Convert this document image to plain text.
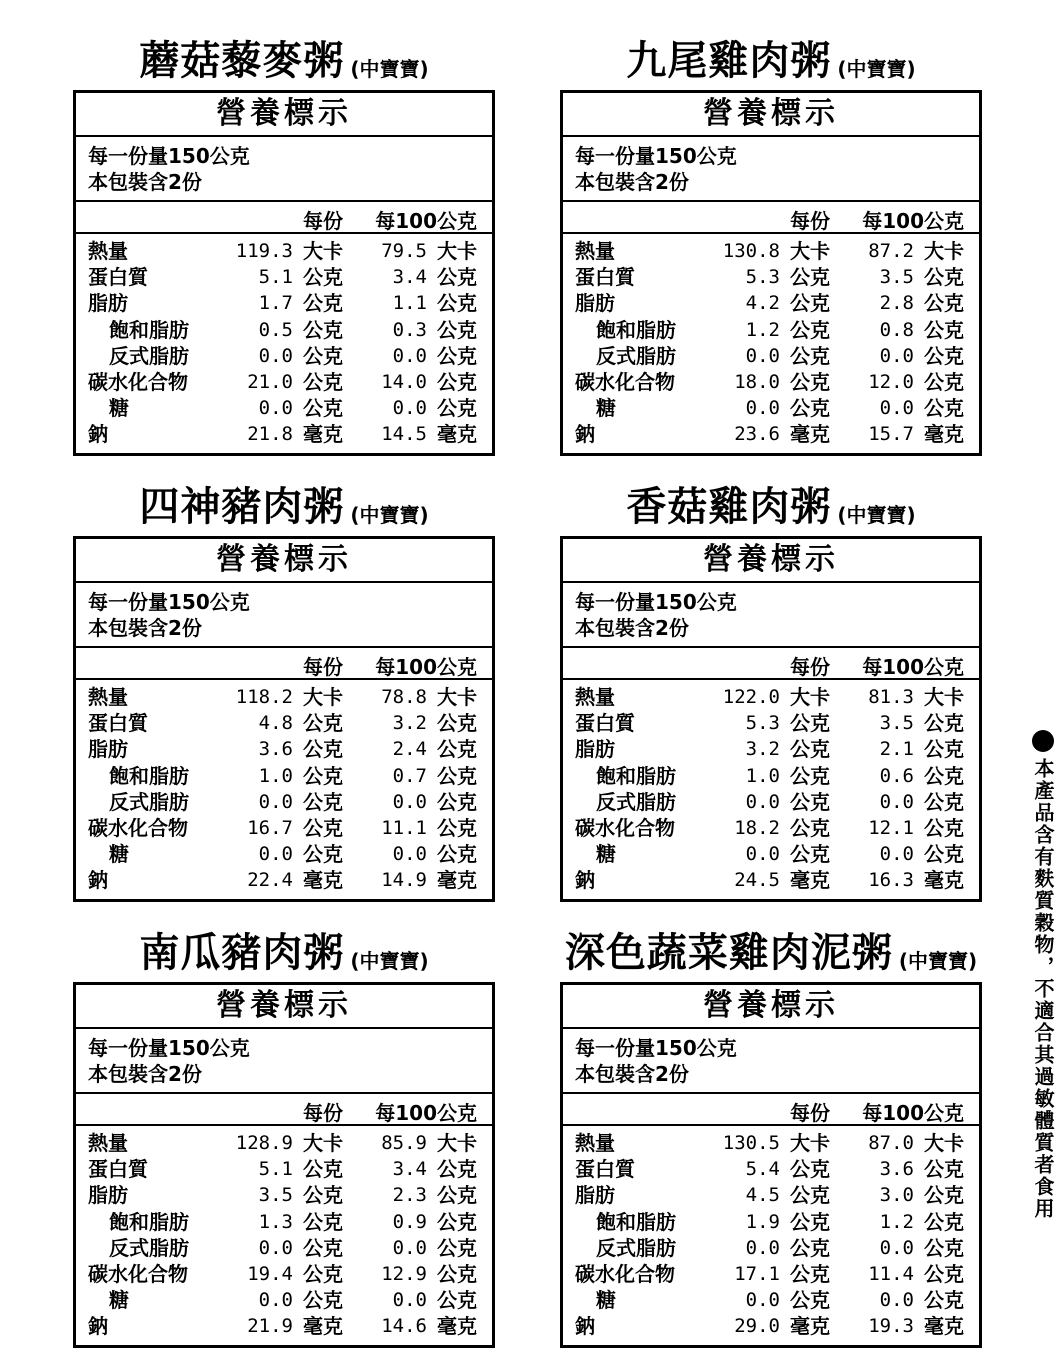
蘑菇藜麥粥 (中寶寶)
營養標示
每一份量150公克
本包裝含2份
每份 每100公克
熱量	119.3 大卡 79.5 大卡
蛋白質	5.1 公克	3.4 公克
脂肪	1.7 公克	1.1 公克
飽和脂肪	0.5 公克	0.3 公克
反式脂肪	0.0 公克	0.0 公克
碳水化合物	21.0 公克 14.0 公克
糖	0.0 公克	0.0 公克
鈉	21.8 毫克 14.5 毫克
九尾雞肉粥 (中寶寶)
營養標示
每一份量150公克
本包裝含2份
每份 每100公克
熱量	130.8 大卡 87.2 大卡
蛋白質	5.3 公克	3.5 公克
脂肪	4.2 公克	2.8 公克
飽和脂肪	1.2 公克	0.8 公克
反式脂肪	0.0 公克	0.0 公克
碳水化合物	18.0 公克 12.0 公克
糖	0.0 公克	0.0 公克
鈉	23.6 毫克 15.7 毫克
四神豬肉粥 (中寶寶)
營養標示
每一份量150公克
本包裝含2份
每份 每100公克
熱量	118.2 大卡 78.8 大卡
蛋白質	4.8 公克	3.2 公克
脂肪	3.6 公克	2.4 公克
飽和脂肪	1.0 公克	0.7 公克
反式脂肪	0.0 公克	0.0 公克
碳水化合物	16.7 公克 11.1 公克
糖	0.0 公克	0.0 公克
鈉	22.4 毫克 14.9 毫克
香菇雞肉粥 (中寶寶)
營養標示
每一份量150公克
本包裝含2份
每份 每100公克
熱量	122.0 大卡 81.3 大卡
蛋白質	5.3 公克	3.5 公克
脂肪	3.2 公克	2.1 公克
飽和脂肪	1.0 公克	0.6 公克
反式脂肪	0.0 公克	0.0 公克
碳水化合物	18.2 公克 12.1 公克
糖	0.0 公克	0.0 公克
鈉	24.5 毫克 16.3 毫克
南瓜豬肉粥 (中寶寶)
營養標示
每一份量150公克
本包裝含2份
每份 每100公克
熱量	128.9 大卡 85.9 大卡
蛋白質	5.1 公克	3.4 公克
脂肪	3.5 公克	2.3 公克
飽和脂肪	1.3 公克	0.9 公克
反式脂肪	0.0 公克	0.0 公克
碳水化合物	19.4 公克 12.9 公克
糖	0.0 公克	0.0 公克
鈉	21.9 毫克 14.6 毫克
深色蔬菜雞肉泥粥 (中寶寶)
營養標示
每一份量150公克
本包裝含2份
每份 每100公克
熱量	130.5 大卡 87.0 大卡
蛋白質	5.4 公克	3.6 公克
脂肪	4.5 公克	3.0 公克
飽和脂肪	1.9 公克	1.2 公克
反式脂肪	0.0 公克	0.0 公克
碳水化合物	17.1 公克 11.4 公克
糖	0.0 公克	0.0 公克
鈉	29.0 毫克 19.3 毫克
本產品含有麩質穀物，不適合其過敏體質者食用
